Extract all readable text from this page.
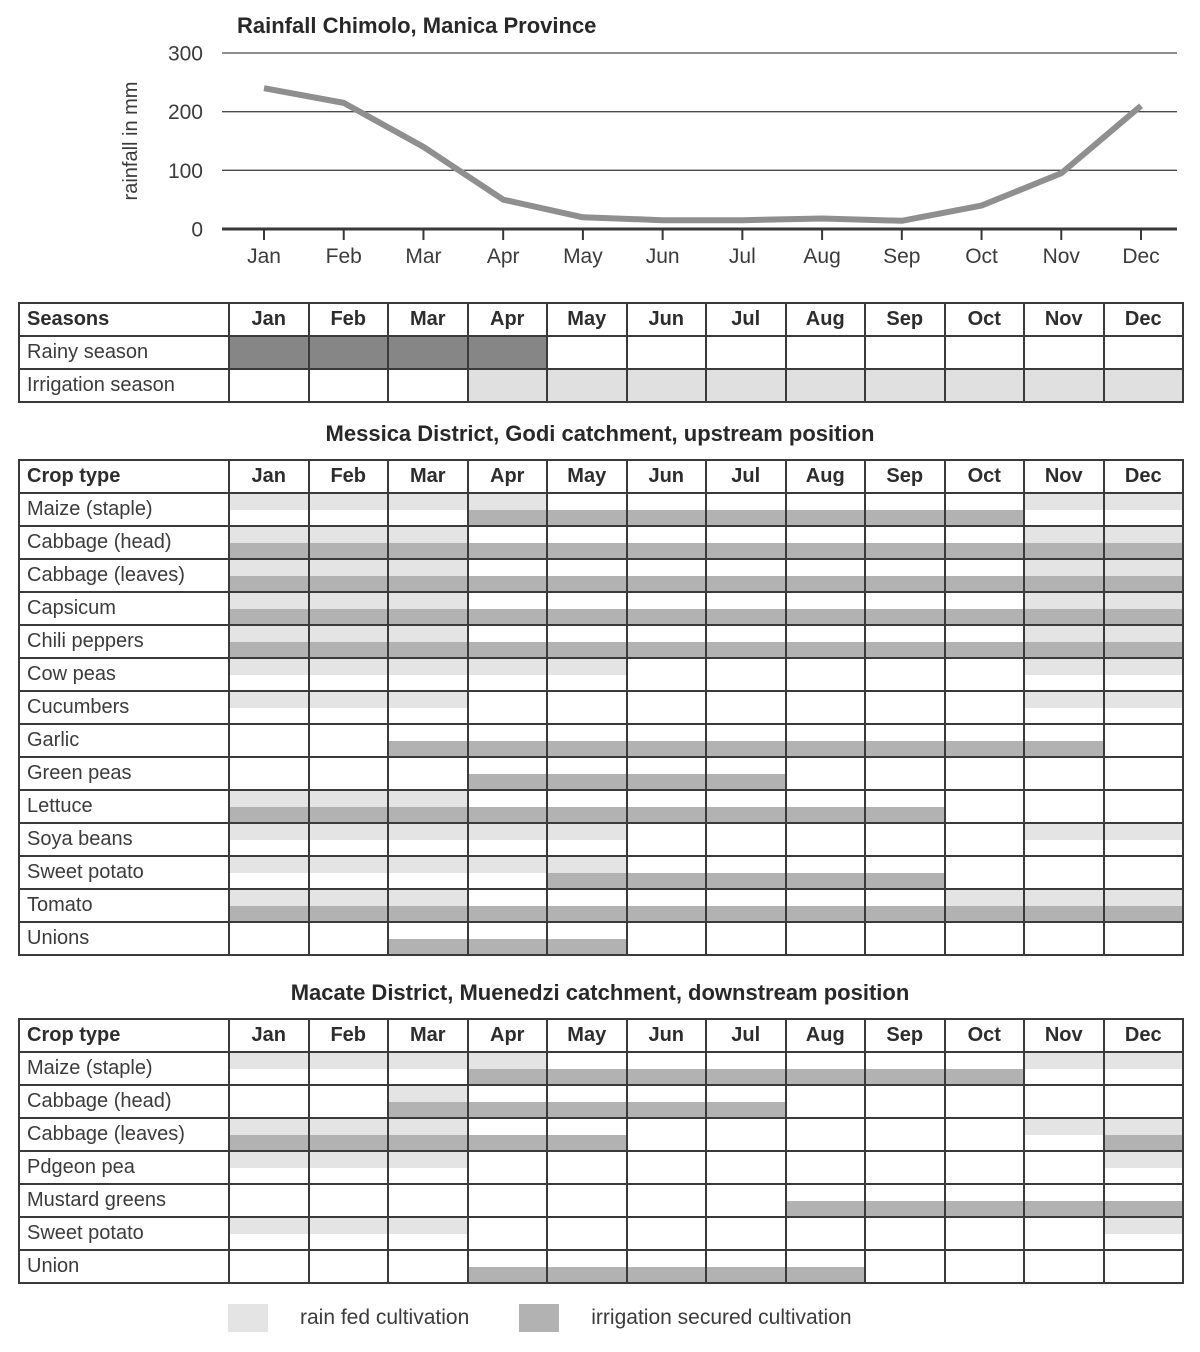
Rainfall Chimolo, Manica Province
0
100
200
300
rainfall in mm
Jan Feb Mar Apr May Jun Jul Aug Sep Oct Nov Dec
Seasons	Jan	Feb	Mar	Apr	May	Jun	Jul	Aug	Sep	Oct	Nov	Dec
Rainy season												
Irrigation season												
Messica District, Godi catchment, upstream position
Crop type	Jan	Feb	Mar	Apr	May	Jun	Jul	Aug	Sep	Oct	Nov	Dec
Maize (staple)	

Cabbage (head)	

Cabbage (leaves)	

Capsicum	

Chili peppers	

Cow peas	

Cucumbers	

Garlic	

Green peas	

Lettuce	

Soya beans	

Sweet potato	

Tomato	

Unions	

Macate District, Muenedzi catchment, downstream position
Crop type	Jan	Feb	Mar	Apr	May	Jun	Jul	Aug	Sep	Oct	Nov	Dec
Maize (staple)	

Cabbage (head)	

Cabbage (leaves)	

Pdgeon pea	

Mustard greens	

Sweet potato	

Union	

rain fed cultivation	irrigation secured cultivation
